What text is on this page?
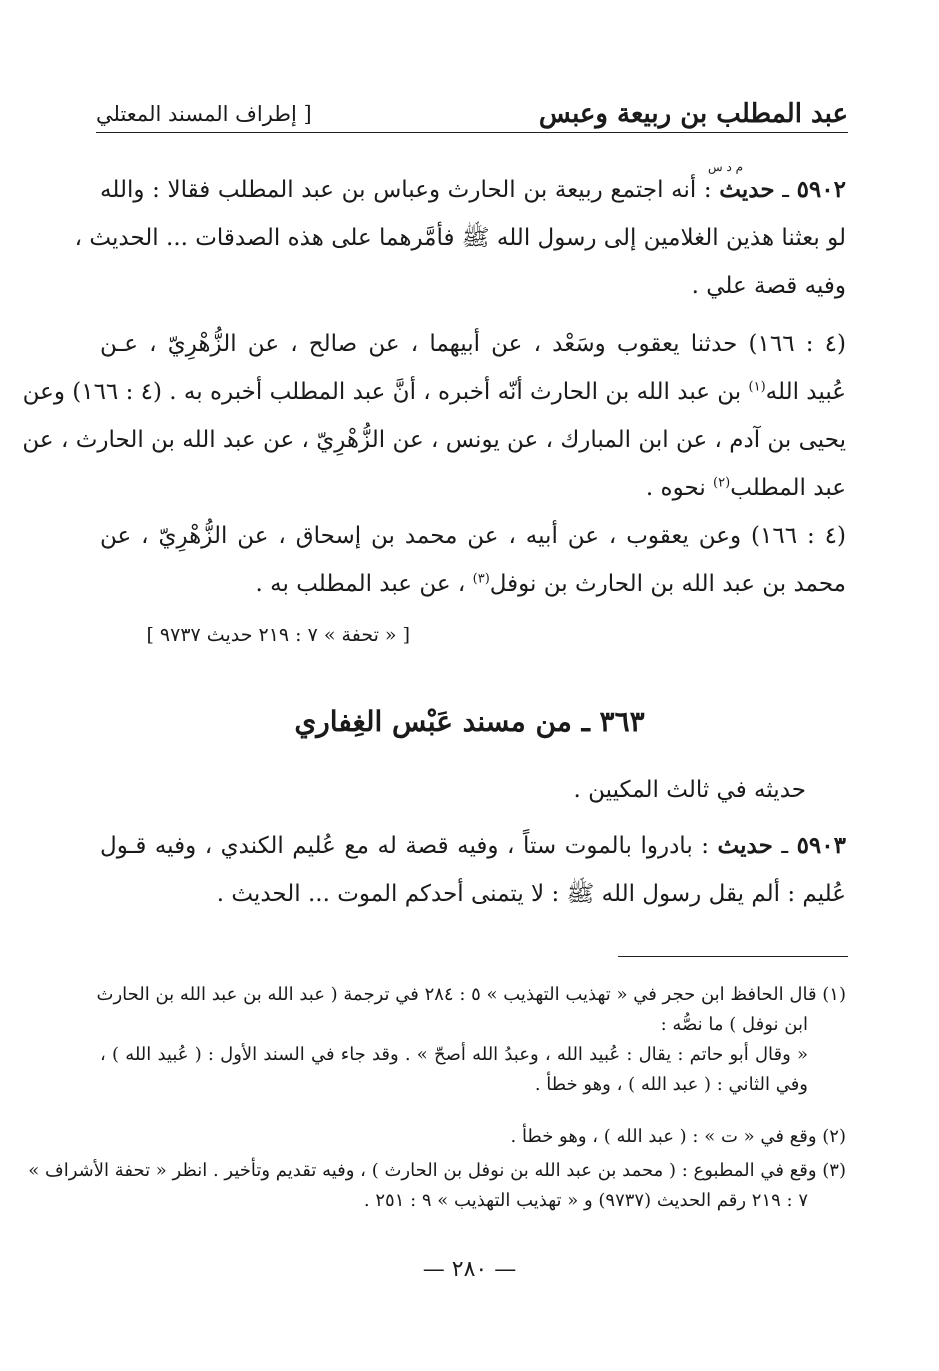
عبد المطلب بن ربيعة وعبس
[ إطراف المسند المعتلي
م د س
٥٩٠٢ ـ حديث : أنه اجتمع ربيعة بن الحارث وعباس بن عبد المطلب فقالا : والله
لو بعثنا هذين الغلامين إلى رسول الله ﷺ فأمَّرهما على هذه الصدقات ... الحديث ،
وفيه قصة علي .
(٤ : ١٦٦) حدثنا يعقوب وسَعْد ، عن أبيهما ، عن صالح ، عن الزُّهْرِيّ ، عـن
عُبيد الله$^{(١)}$ بن عبد الله بن الحارث أنّه أخبره ، أنَّ عبد المطلب أخبره به . (٤ : ١٦٦) وعن
يحيى بن آدم ، عن ابن المبارك ، عن يونس ، عن الزُّهْرِيّ ، عن عبد الله بن الحارث ، عن
عبد المطلب$^{(٢)}$ نحوه .
(٤ : ١٦٦) وعن يعقوب ، عن أبيه ، عن محمد بن إسحاق ، عن الزُّهْرِيّ ، عن
محمد بن عبد الله بن الحارث بن نوفل$^{(٣)}$ ، عن عبد المطلب به .
[ « تحفة » ٧ : ٢١٩ حديث ٩٧٣٧ ]
٣٦٣ ـ من مسند عَبْس الغِفاري
حديثه في ثالث المكيين .
٥٩٠٣ ـ حديث : بادروا بالموت ستاً ، وفيه قصة له مع عُليم الكندي ، وفيه قـول
عُليم : ألم يقل رسول الله ﷺ : لا يتمنى أحدكم الموت ... الحديث .
(١) قال الحافظ ابن حجر في « تهذيب التهذيب » ٥ : ٢٨٤ في ترجمة ( عبد الله بن عبد الله بن الحارث
ابن نوفل ) ما نصُّه :
« وقال أبو حاتم : يقال : عُبيد الله ، وعبدُ الله أصحّ » . وقد جاء في السند الأول : ( عُبيد الله ) ،
وفي الثاني : ( عبد الله ) ، وهو خطأ .
(٢) وقع في « ت » : ( عبد الله ) ، وهو خطأ .
(٣) وقع في المطبوع : ( محمد بن عبد الله بن نوفل بن الحارث ) ، وفيه تقديم وتأخير . انظر « تحفة الأشراف »
٧ : ٢١٩ رقم الحديث (٩٧٣٧) و « تهذيب التهذيب » ٩ : ٢٥١ .
— ٢٨٠ —
